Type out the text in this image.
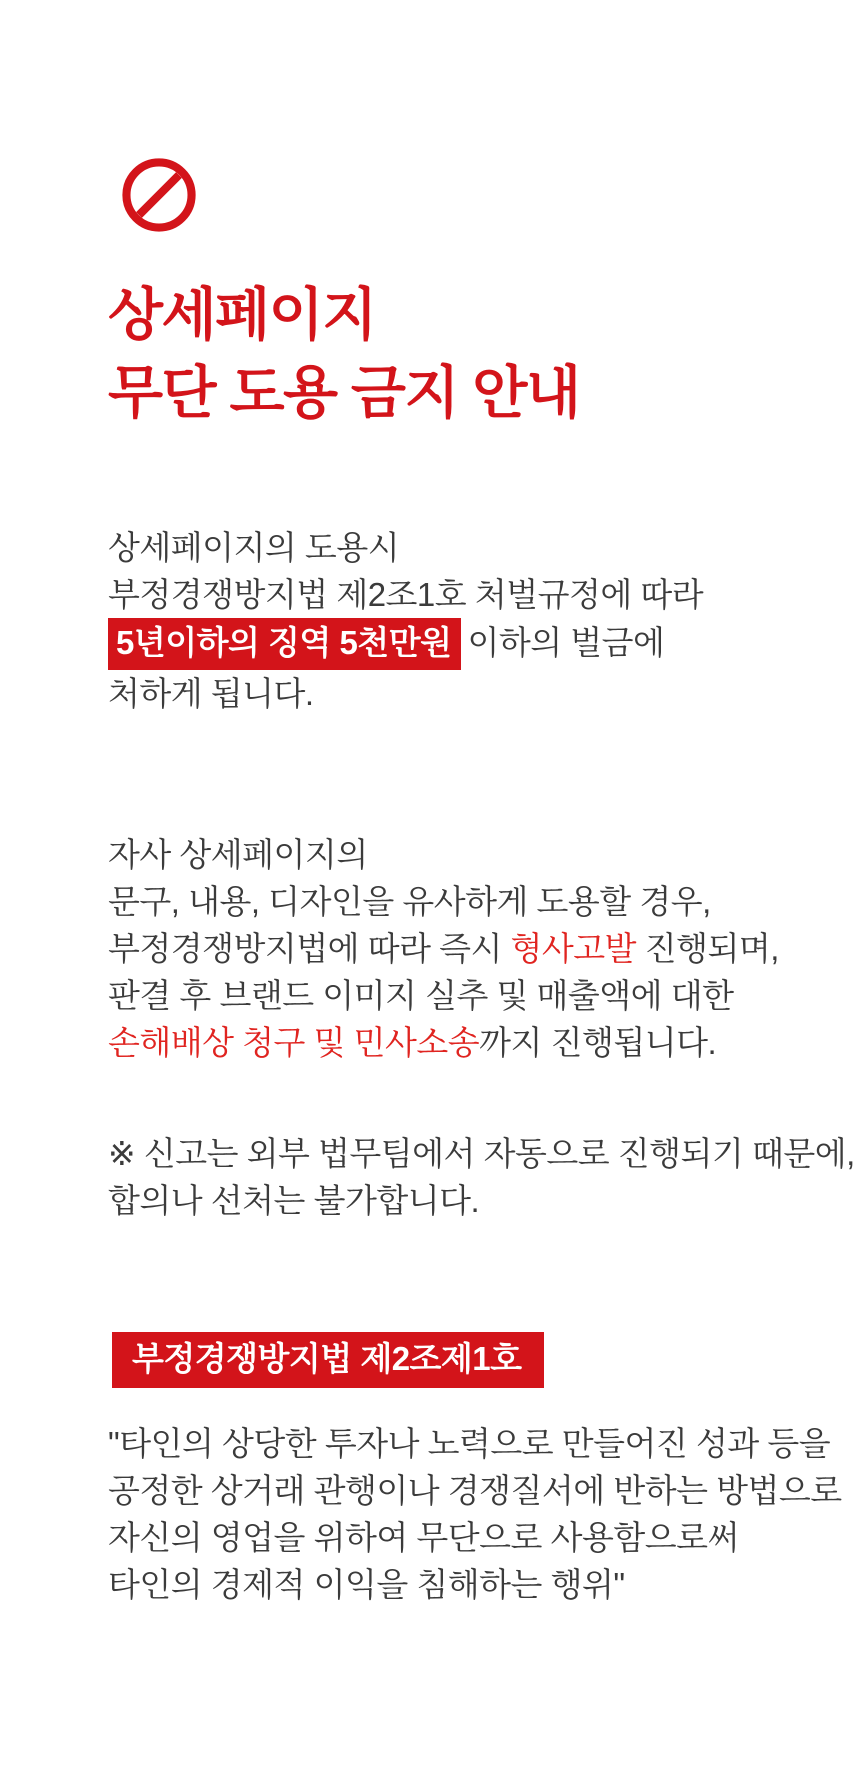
상세페이지
무단 도용 금지 안내
상세페이지의 도용시
부정경쟁방지법 제2조1호 처벌규정에 따라
5년이하의 징역 5천만원 이하의 벌금에
처하게 됩니다.
자사 상세페이지의
문구, 내용, 디자인을 유사하게 도용할 경우,
부정경쟁방지법에 따라 즉시 형사고발 진행되며,
판결 후 브랜드 이미지 실추 및 매출액에 대한
손해배상 청구 및 민사소송까지 진행됩니다.
※ 신고는 외부 법무팀에서 자동으로 진행되기 때문에,
합의나 선처는 불가합니다.
부정경쟁방지법 제2조제1호
"타인의 상당한 투자나 노력으로 만들어진 성과 등을
공정한 상거래 관행이나 경쟁질서에 반하는 방법으로
자신의 영업을 위하여 무단으로 사용함으로써
타인의 경제적 이익을 침해하는 행위"
